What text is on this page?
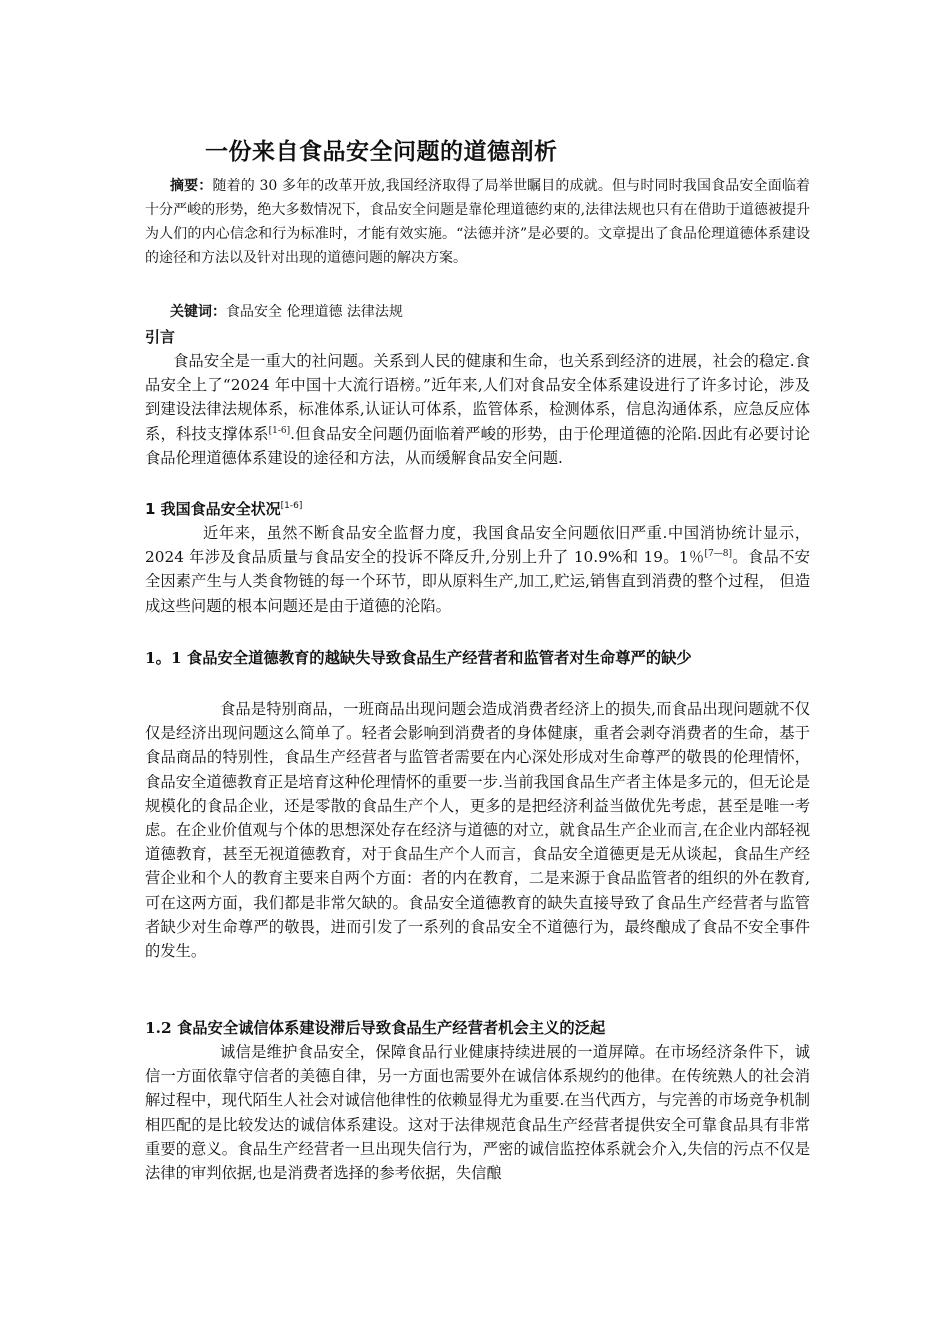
一份来自食品安全问题的道德剖析

摘要：随着的 30 多年的改革开放,我国经济取得了局举世瞩目的成就。但与时同时我国食品安全面临着十分严峻的形势，绝大多数情况下，食品安全问题是靠伦理道德约束的,法律法规也只有在借助于道德被提升为人们的内心信念和行为标准时，才能有效实施。“法德并济”是必要的。文章提出了食品伦理道德体系建设的途径和方法以及针对出现的道德问题的解决方案。

关键词：食品安全 伦理道德 法律法规

引言

食品安全是一重大的社问题。关系到人民的健康和生命，也关系到经济的进展，社会的稳定.食品安全上了“2024 年中国十大流行语榜。”近年来,人们对食品安全体系建设进行了许多讨论，涉及到建设法律法规体系，标准体系,认证认可体系，监管体系，检测体系，信息沟通体系，应急反应体系，科技支撑体系[1-6].但食品安全问题仍面临着严峻的形势，由于伦理道德的沦陷.因此有必要讨论食品伦理道德体系建设的途径和方法，从而缓解食品安全问题.

1 我国食品安全状况[1-6]

近年来，虽然不断食品安全监督力度，我国食品安全问题依旧严重.中国消协统计显示，2024 年涉及食品质量与食品安全的投诉不降反升,分别上升了 10.9%和 19。1％[7—8]。食品不安全因素产生与人类食物链的每一个环节，即从原料生产,加工,贮运,销售直到消费的整个过程， 但造成这些问题的根本问题还是由于道德的沦陷。

1。1 食品安全道德教育的越缺失导致食品生产经营者和监管者对生命尊严的缺少

食品是特别商品，一班商品出现问题会造成消费者经济上的损失,而食品出现问题就不仅仅是经济出现问题这么简单了。轻者会影响到消费者的身体健康，重者会剥夺消费者的生命，基于食品商品的特别性，食品生产经营者与监管者需要在内心深处形成对生命尊严的敬畏的伦理情怀，食品安全道德教育正是培育这种伦理情怀的重要一步.当前我国食品生产者主体是多元的，但无论是规模化的食品企业，还是零散的食品生产个人，更多的是把经济利益当做优先考虑，甚至是唯一考虑。在企业价值观与个体的思想深处存在经济与道德的对立，就食品生产企业而言,在企业内部轻视道德教育，甚至无视道德教育，对于食品生产个人而言，食品安全道德更是无从谈起，食品生产经营企业和个人的教育主要来自两个方面：者的内在教育，二是来源于食品监管者的组织的外在教育,可在这两方面，我们都是非常欠缺的。食品安全道德教育的缺失直接导致了食品生产经营者与监管者缺少对生命尊严的敬畏，进而引发了一系列的食品安全不道德行为，最终酿成了食品不安全事件的发生。

1.2 食品安全诚信体系建设滞后导致食品生产经营者机会主义的泛起

诚信是维护食品安全，保障食品行业健康持续进展的一道屏障。在市场经济条件下，诚信一方面依靠守信者的美德自律，另一方面也需要外在诚信体系规约的他律。在传统熟人的社会消解过程中，现代陌生人社会对诚信他律性的依赖显得尤为重要.在当代西方，与完善的市场竞争机制相匹配的是比较发达的诚信体系建设。这对于法律规范食品生产经营者提供安全可靠食品具有非常重要的意义。食品生产经营者一旦出现失信行为，严密的诚信监控体系就会介入,失信的污点不仅是法律的审判依据,也是消费者选择的参考依据，失信酿
